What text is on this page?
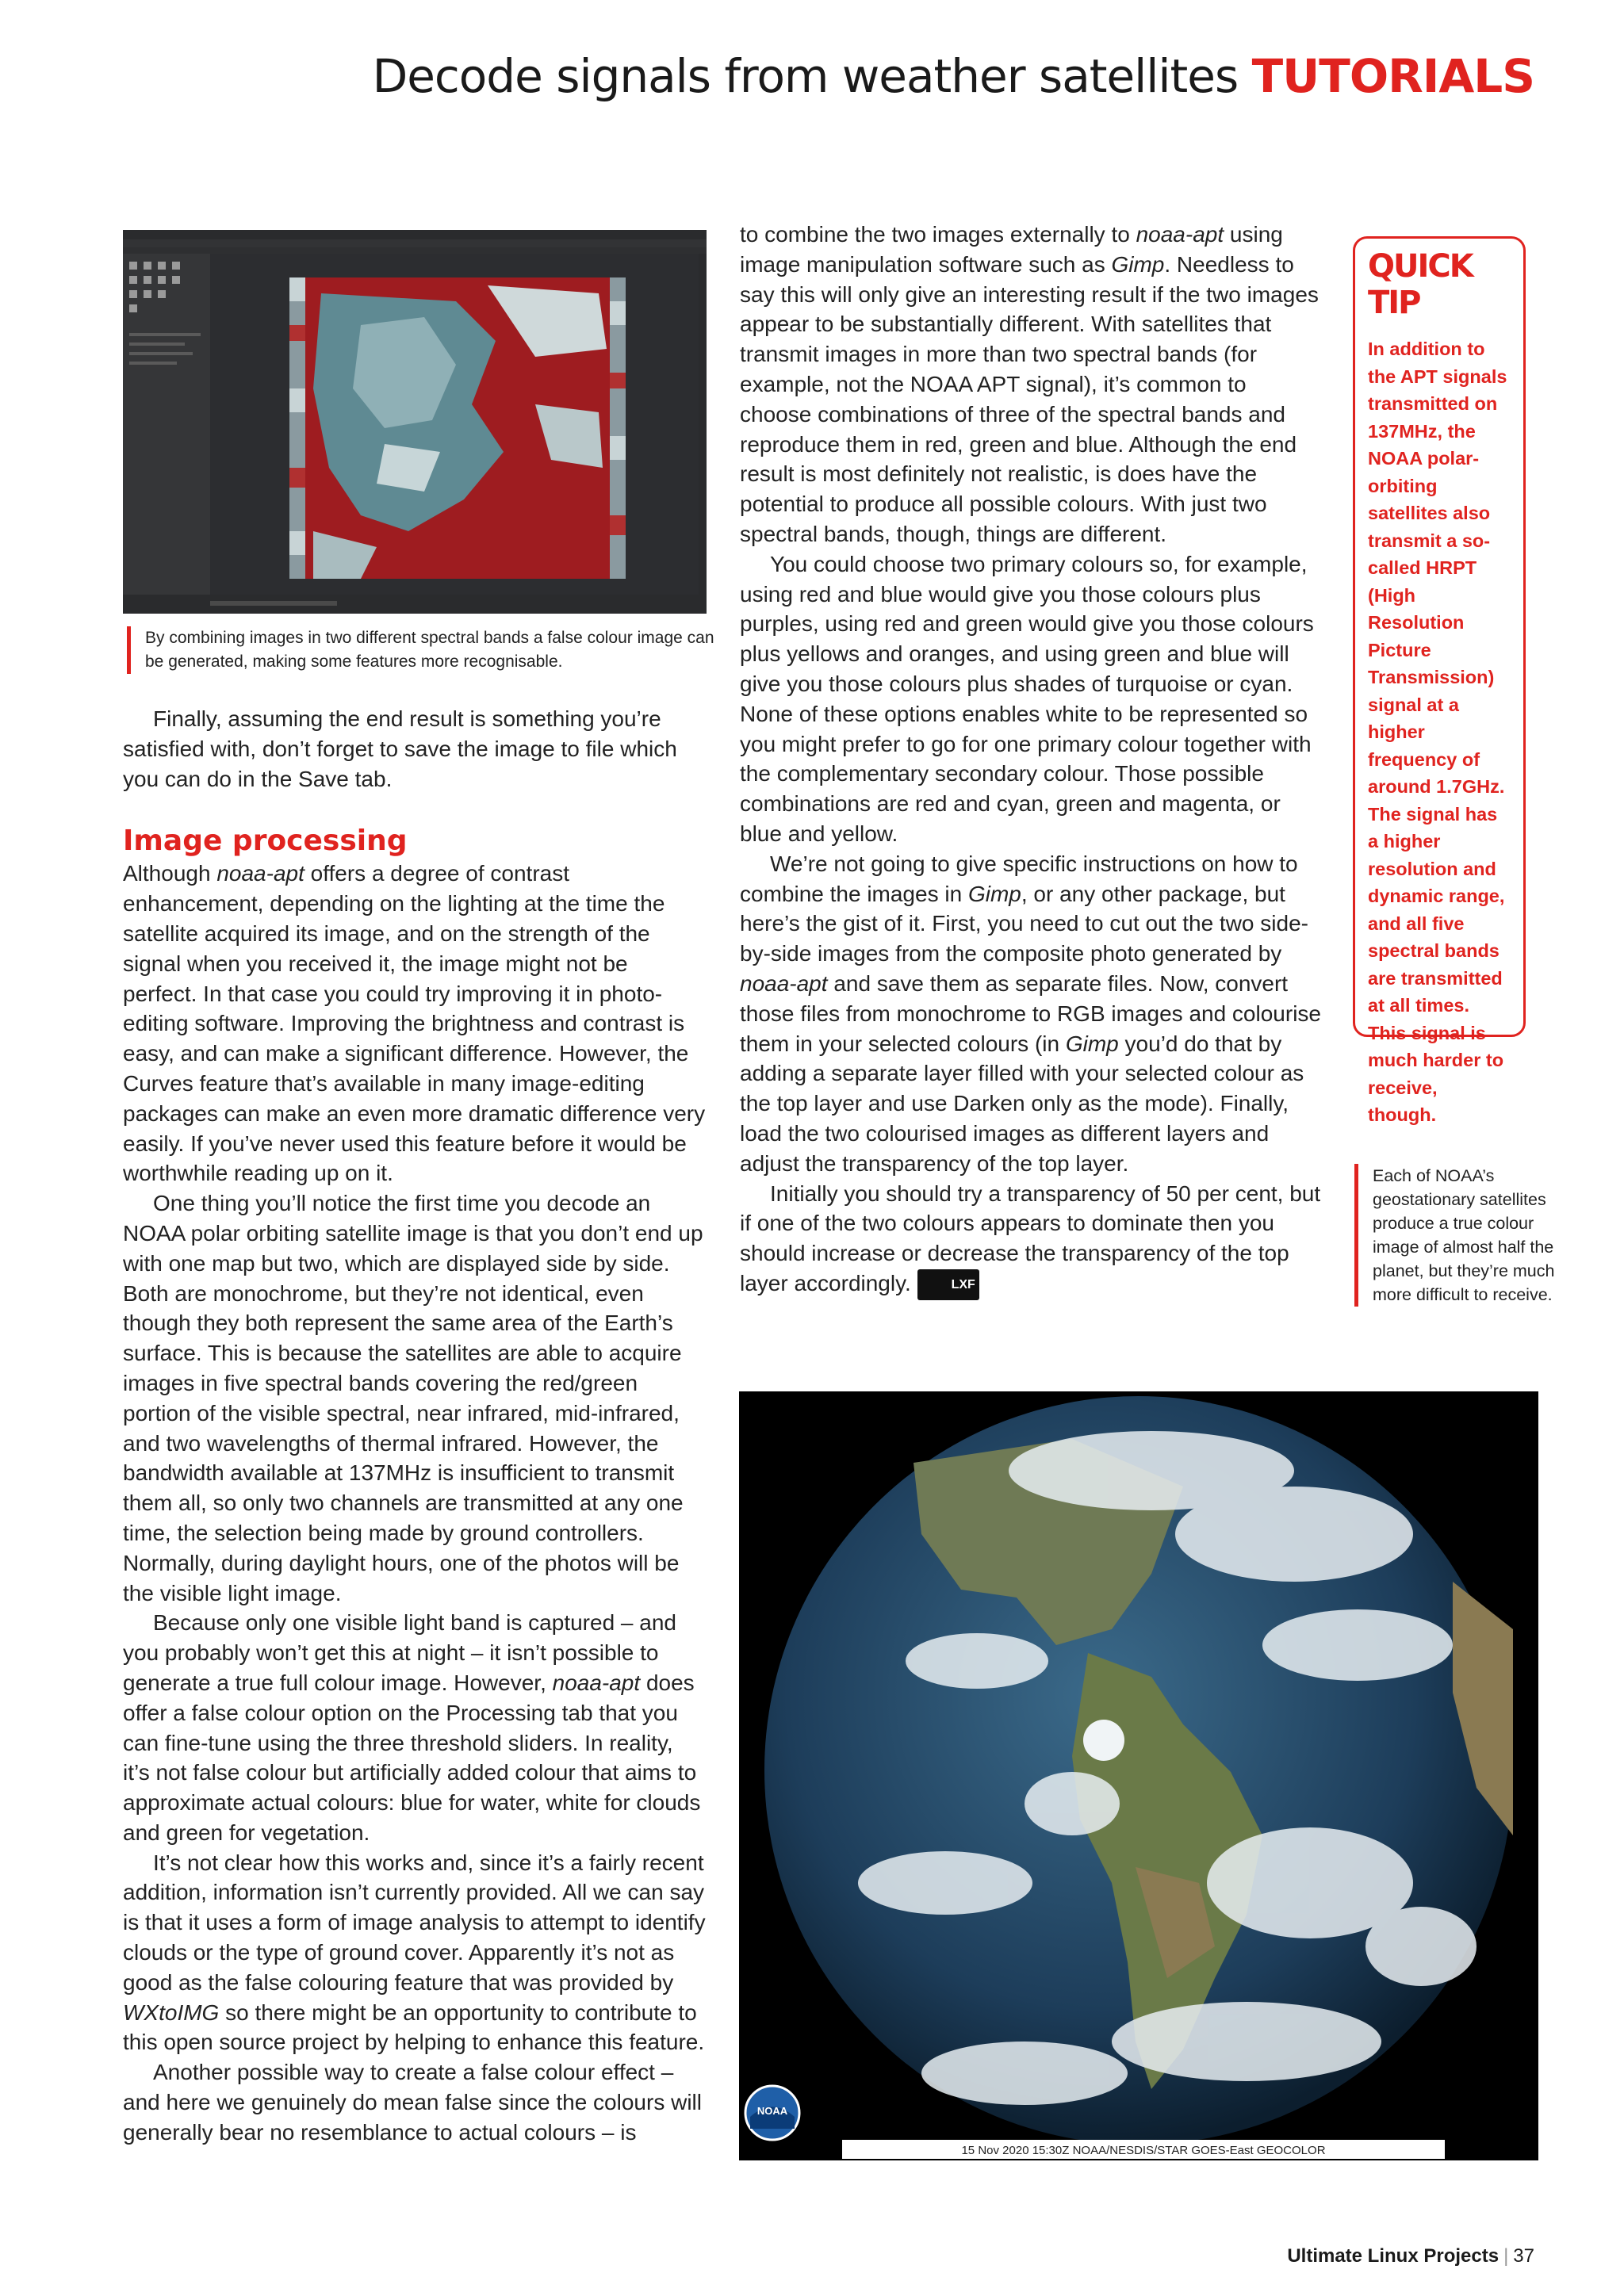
Decode signals from weather satellites TUTORIALS
By combining images in two different spectral bands a false colour image can be generated, making some features more recognisable.

Finally, assuming the end result is something you’re satisfied with, don’t forget to save the image to file which you can do in the Save tab.

Image processing

Although noaa-apt offers a degree of contrast enhancement, depending on the lighting at the time the satellite acquired its image, and on the strength of the signal when you received it, the image might not be perfect. In that case you could try improving it in photo-editing software. Improving the brightness and contrast is easy, and can make a significant difference. However, the Curves feature that’s available in many image-editing packages can make an even more dramatic difference very easily. If you’ve never used this feature before it would be worthwhile reading up on it.

One thing you’ll notice the first time you decode an NOAA polar orbiting satellite image is that you don’t end up with one map but two, which are displayed side by side. Both are monochrome, but they’re not identical, even though they both represent the same area of the Earth’s surface. This is because the satellites are able to acquire images in five spectral bands covering the red/green portion of the visible spectral, near infrared, mid-infrared, and two wavelengths of thermal infrared. However, the bandwidth available at 137MHz is insufficient to transmit them all, so only two channels are transmitted at any one time, the selection being made by ground controllers. Normally, during daylight hours, one of the photos will be the visible light image.

Because only one visible light band is captured – and you probably won’t get this at night – it isn’t possible to generate a true full colour image. However, noaa-apt does offer a false colour option on the Processing tab that you can fine-tune using the three threshold sliders. In reality, it’s not false colour but artificially added colour that aims to approximate actual colours: blue for water, white for clouds and green for vegetation.

It’s not clear how this works and, since it’s a fairly recent addition, information isn’t currently provided. All we can say is that it uses a form of image analysis to attempt to identify clouds or the type of ground cover. Apparently it’s not as good as the false colouring feature that was provided by WXtoIMG so there might be an opportunity to contribute to this open source project by helping to enhance this feature.

Another possible way to create a false colour effect – and here we genuinely do mean false since the colours will generally bear no resemblance to actual colours – is

to combine the two images externally to noaa-apt using image manipulation software such as Gimp. Needless to say this will only give an interesting result if the two images appear to be substantially different. With satellites that transmit images in more than two spectral bands (for example, not the NOAA APT signal), it’s common to choose combinations of three of the spectral bands and reproduce them in red, green and blue. Although the end result is most definitely not realistic, is does have the potential to produce all possible colours. With just two spectral bands, though, things are different.

You could choose two primary colours so, for example, using red and blue would give you those colours plus purples, using red and green would give you those colours plus yellows and oranges, and using green and blue will give you those colours plus shades of turquoise or cyan. None of these options enables white to be represented so you might prefer to go for one primary colour together with the complementary secondary colour. Those possible combinations are red and cyan, green and magenta, or blue and yellow.

We’re not going to give specific instructions on how to combine the images in Gimp, or any other package, but here’s the gist of it. First, you need to cut out the two side-by-side images from the composite photo generated by noaa-apt and save them as separate files. Now, convert those files from monochrome to RGB images and colourise them in your selected colours (in Gimp you’d do that by adding a separate layer filled with your selected colour as the top layer and use Darken only as the mode). Finally, load the two colourised images as different layers and adjust the transparency of the top layer.

Initially you should try a transparency of 50 per cent, but if one of the two colours appears to dominate then you should increase or decrease the transparency of the top layer accordingly.	LXF

QUICK TIP
In addition to the APT signals transmitted on 137MHz, the NOAA polar-orbiting satellites also transmit a so-called HRPT (High Resolution Picture Transmission) signal at a higher frequency of around 1.7GHz. The signal has a higher resolution and dynamic range, and all five spectral bands are transmitted at all times. This signal is much harder to receive, though.
Each of NOAA’s geostationary satellites produce a true colour image of almost half the planet, but they’re much more difficult to receive.
NOAA
15 Nov 2020 15:30Z NOAA/NESDIS/STAR GOES-East GEOCOLOR
Ultimate Linux Projects | 37
